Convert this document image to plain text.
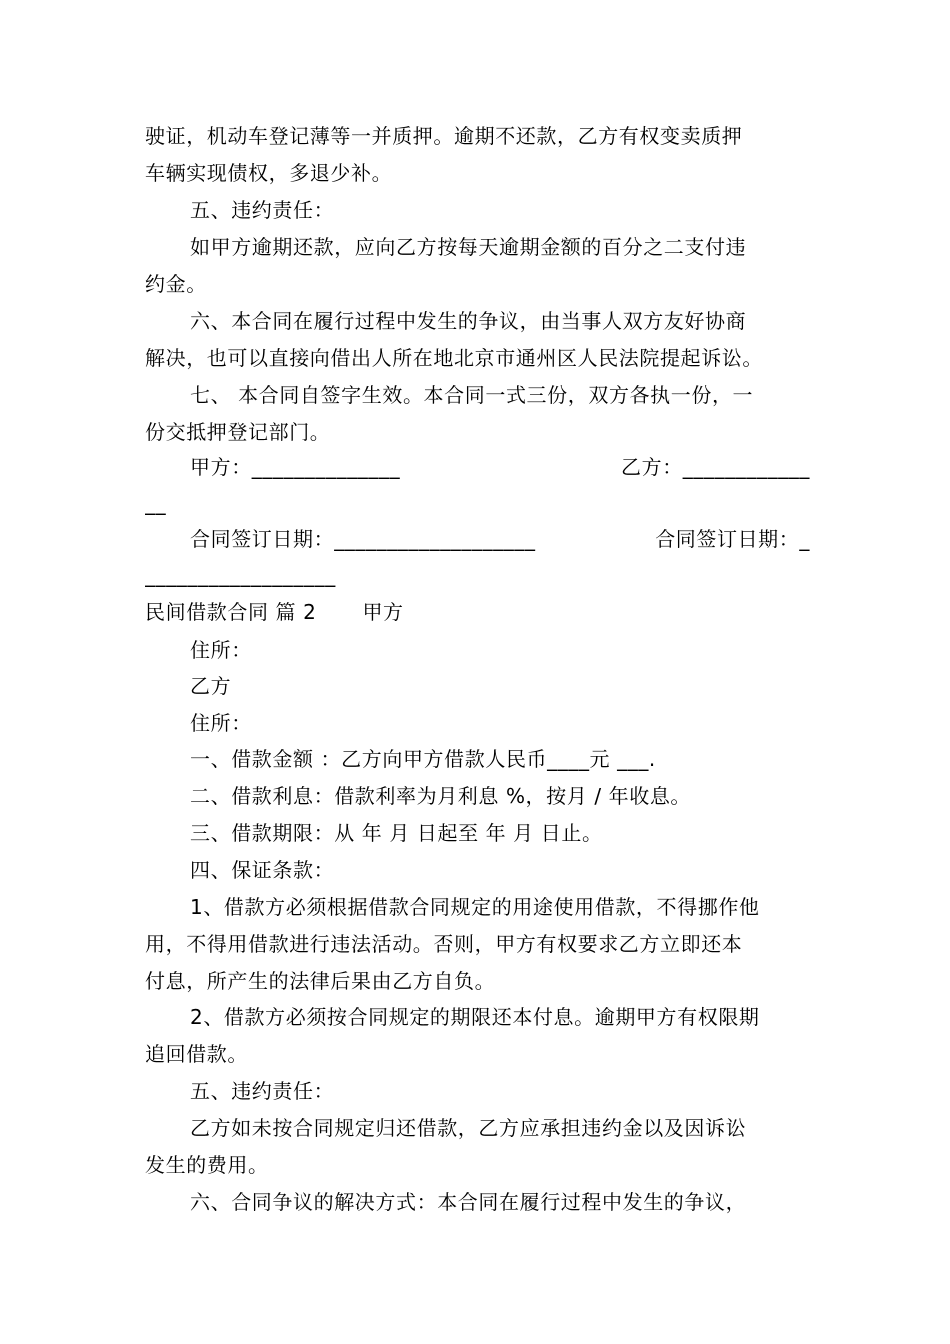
驶证，机动车登记薄等一并质押。逾期不还款，乙方有权变卖质押
车辆实现债权，多退少补。
五、违约责任：
如甲方逾期还款，应向乙方按每天逾期金额的百分之二支付违
约金。
六、本合同在履行过程中发生的争议，由当事人双方友好协商
解决，也可以直接向借出人所在地北京市通州区人民法院提起诉讼。
七、 本合同自签字生效。本合同一式三份，双方各执一份，一
份交抵押登记部门。
甲方：______________	乙方：____________
__
合同签订日期：___________________	合同签订日期：_
__________________
民间借款合同 篇 2 甲方
住所：
乙方
住所：
一、借款金额 ：乙方向甲方借款人民币____元 ___.
二、借款利息：借款利率为月利息 %，按月 / 年收息。
三、借款期限：从 年 月 日起至 年 月 日止。
四、保证条款：
1、借款方必须根据借款合同规定的用途使用借款，不得挪作他
用，不得用借款进行违法活动。否则，甲方有权要求乙方立即还本
付息，所产生的法律后果由乙方自负。
2、借款方必须按合同规定的期限还本付息。逾期甲方有权限期
追回借款。
五、违约责任：
乙方如未按合同规定归还借款，乙方应承担违约金以及因诉讼
发生的费用。
六、合同争议的解决方式：本合同在履行过程中发生的争议，
